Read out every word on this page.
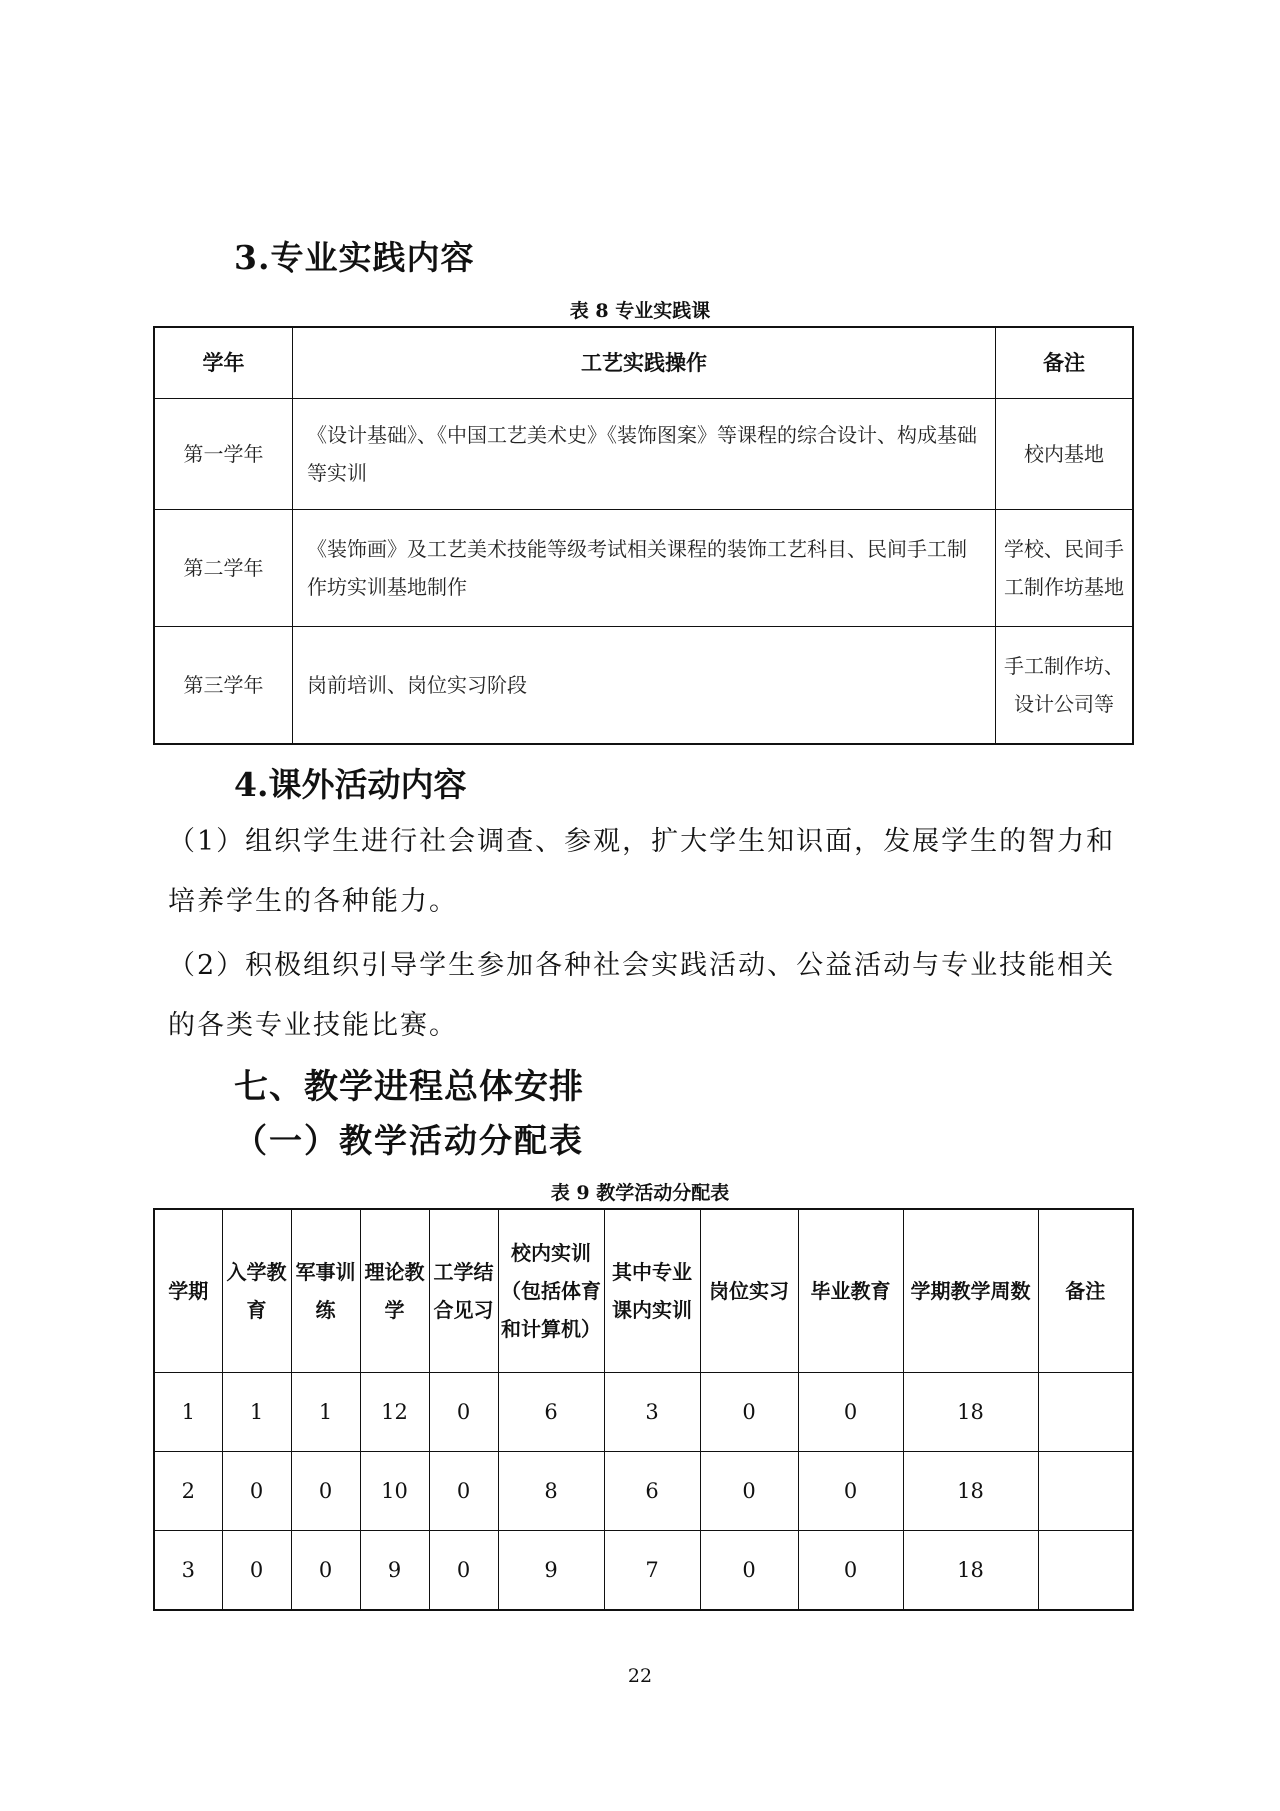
3.专业实践内容
表 8 专业实践课
学年	工艺实践操作	备注
第一学年	《设计基础》、《中国工艺美术史》《装饰图案》等课程的综合设计、构成基础等实训	校内基地
第二学年	《装饰画》及工艺美术技能等级考试相关课程的装饰工艺科目、民间手工制作坊实训基地制作	学校、民间手工制作坊基地
第三学年	岗前培训、岗位实习阶段	手工制作坊、设计公司等
4.课外活动内容
（1）组织学生进行社会调查、参观，扩大学生知识面，发展学生的智力和培养学生的各种能力。
（2）积极组织引导学生参加各种社会实践活动、公益活动与专业技能相关的各类专业技能比赛。
七、教学进程总体安排
（一）教学活动分配表
表 9 教学活动分配表
学期	入学教育	军事训练	理论教学	工学结合见习	校内实训（包括体育和计算机）	其中专业课内实训	岗位实习	毕业教育	学期教学周数	备注
1	1	1	12	0	6	3	0	0	18	
2	0	0	10	0	8	6	0	0	18	
3	0	0	9	0	9	7	0	0	18	
22
